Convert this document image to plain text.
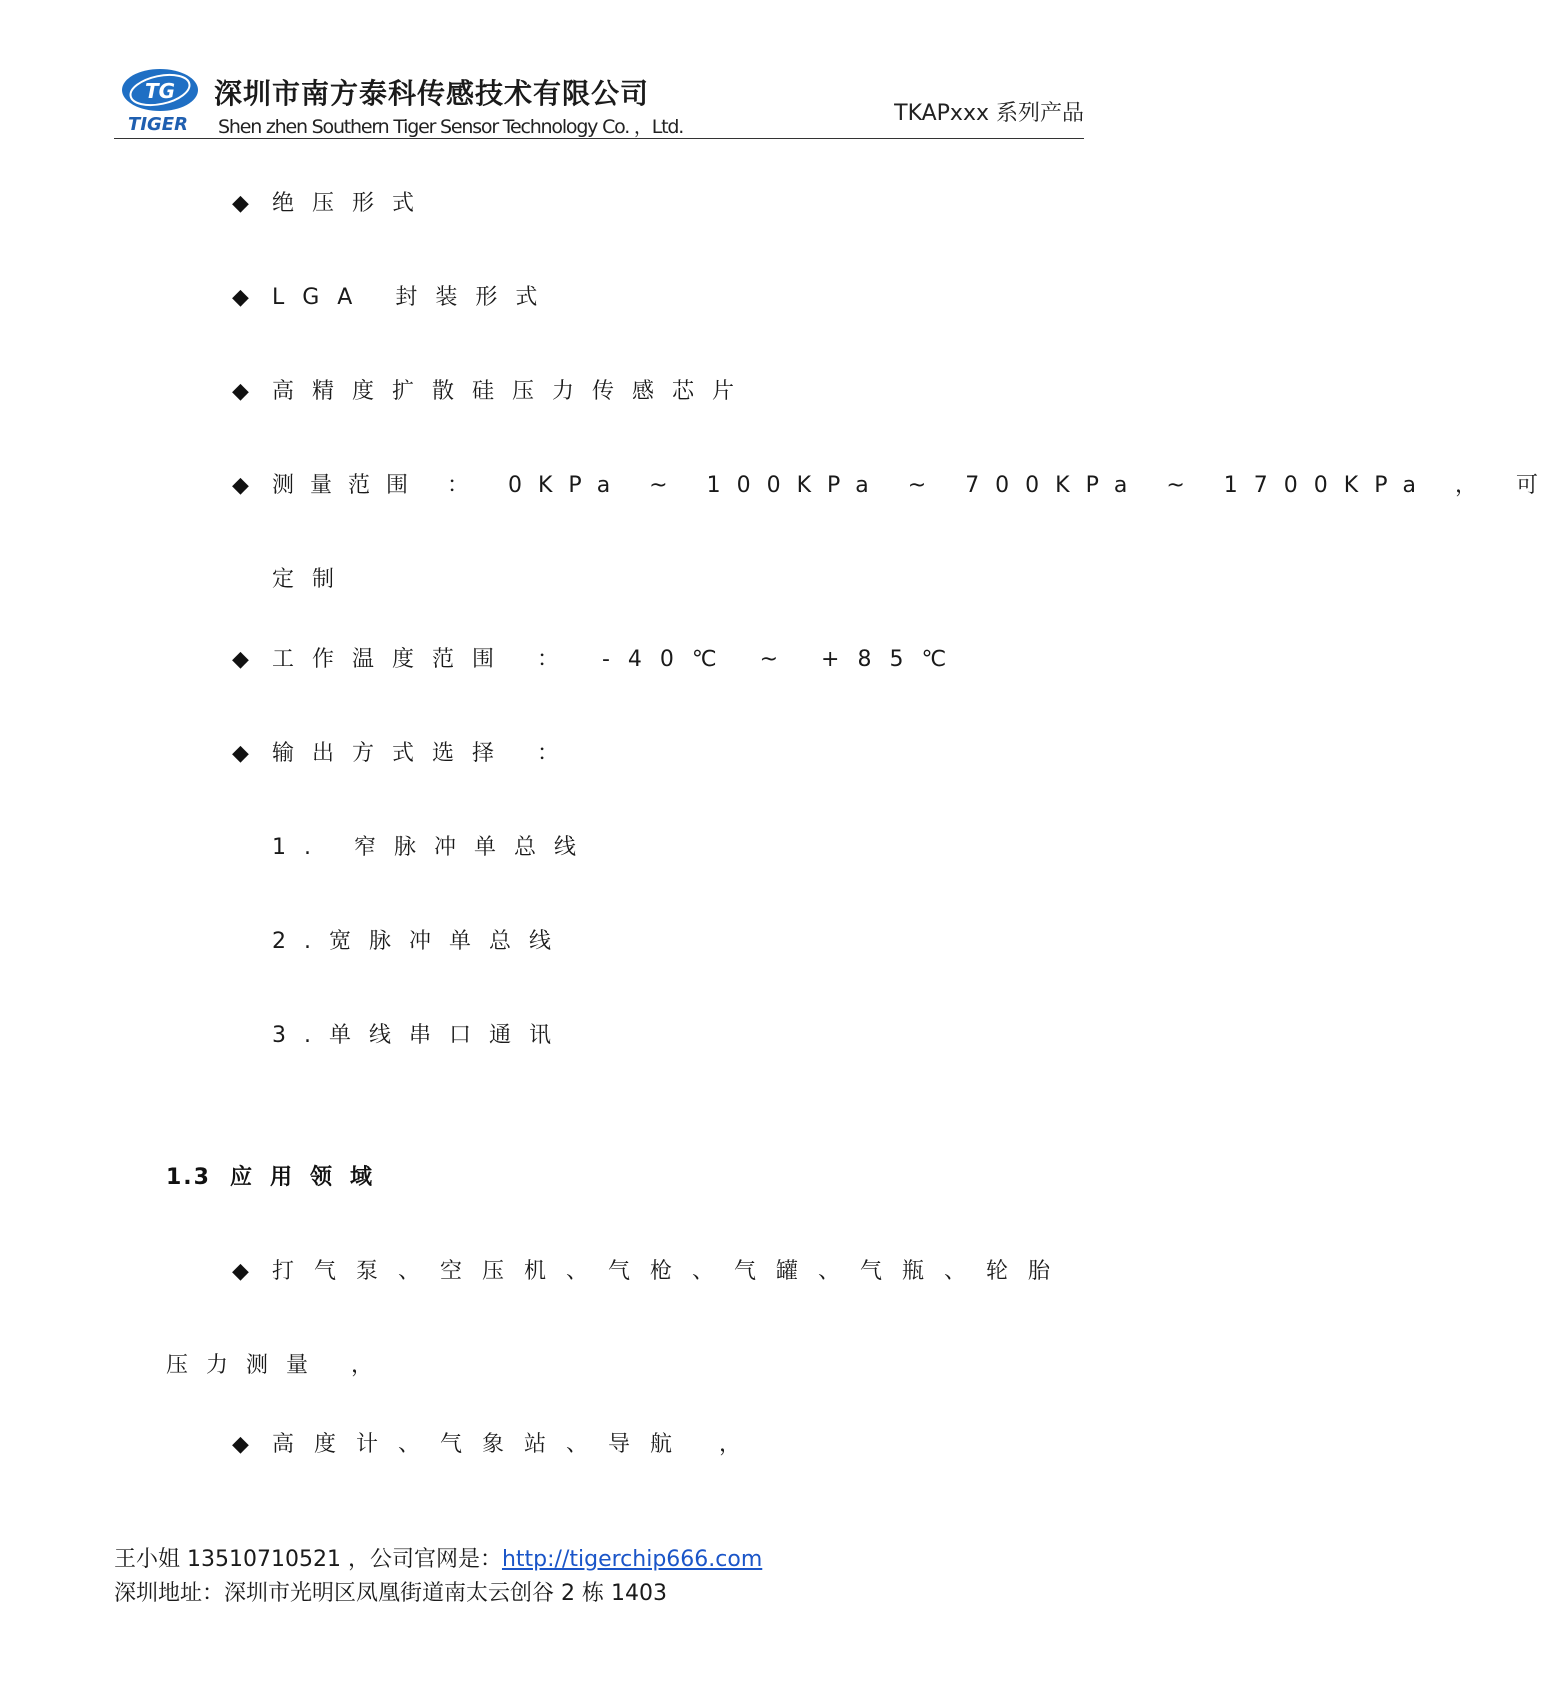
TG
TIGER
深圳市南方泰科传感技术有限公司
Shen zhen Southern Tiger Sensor Technology Co. ，Ltd.
TKAPxxx 系列产品
◆ 绝压形式
◆ LGA 封装形式
◆ 高精度扩散硅压力传感芯片
◆ 测量范围 ： 0KPa ~ 100KPa ~ 700KPa ~ 1700KPa ， 可
定制
◆ 工作温度范围 ： -40℃ ~ +85℃
◆ 输出方式选择 ：
1. 窄脉冲单总线
2.宽脉冲单总线
3.单线串口通讯
1.3 应用领域
◆ 打气泵、空压机、气枪、气罐、气瓶、轮胎
压力测量 ，
◆ 高度计、气象站、导航 ，
王小姐 13510710521 ，公司官网是：http://tigerchip666.com
深圳地址：深圳市光明区凤凰街道南太云创谷 2 栋 1403
